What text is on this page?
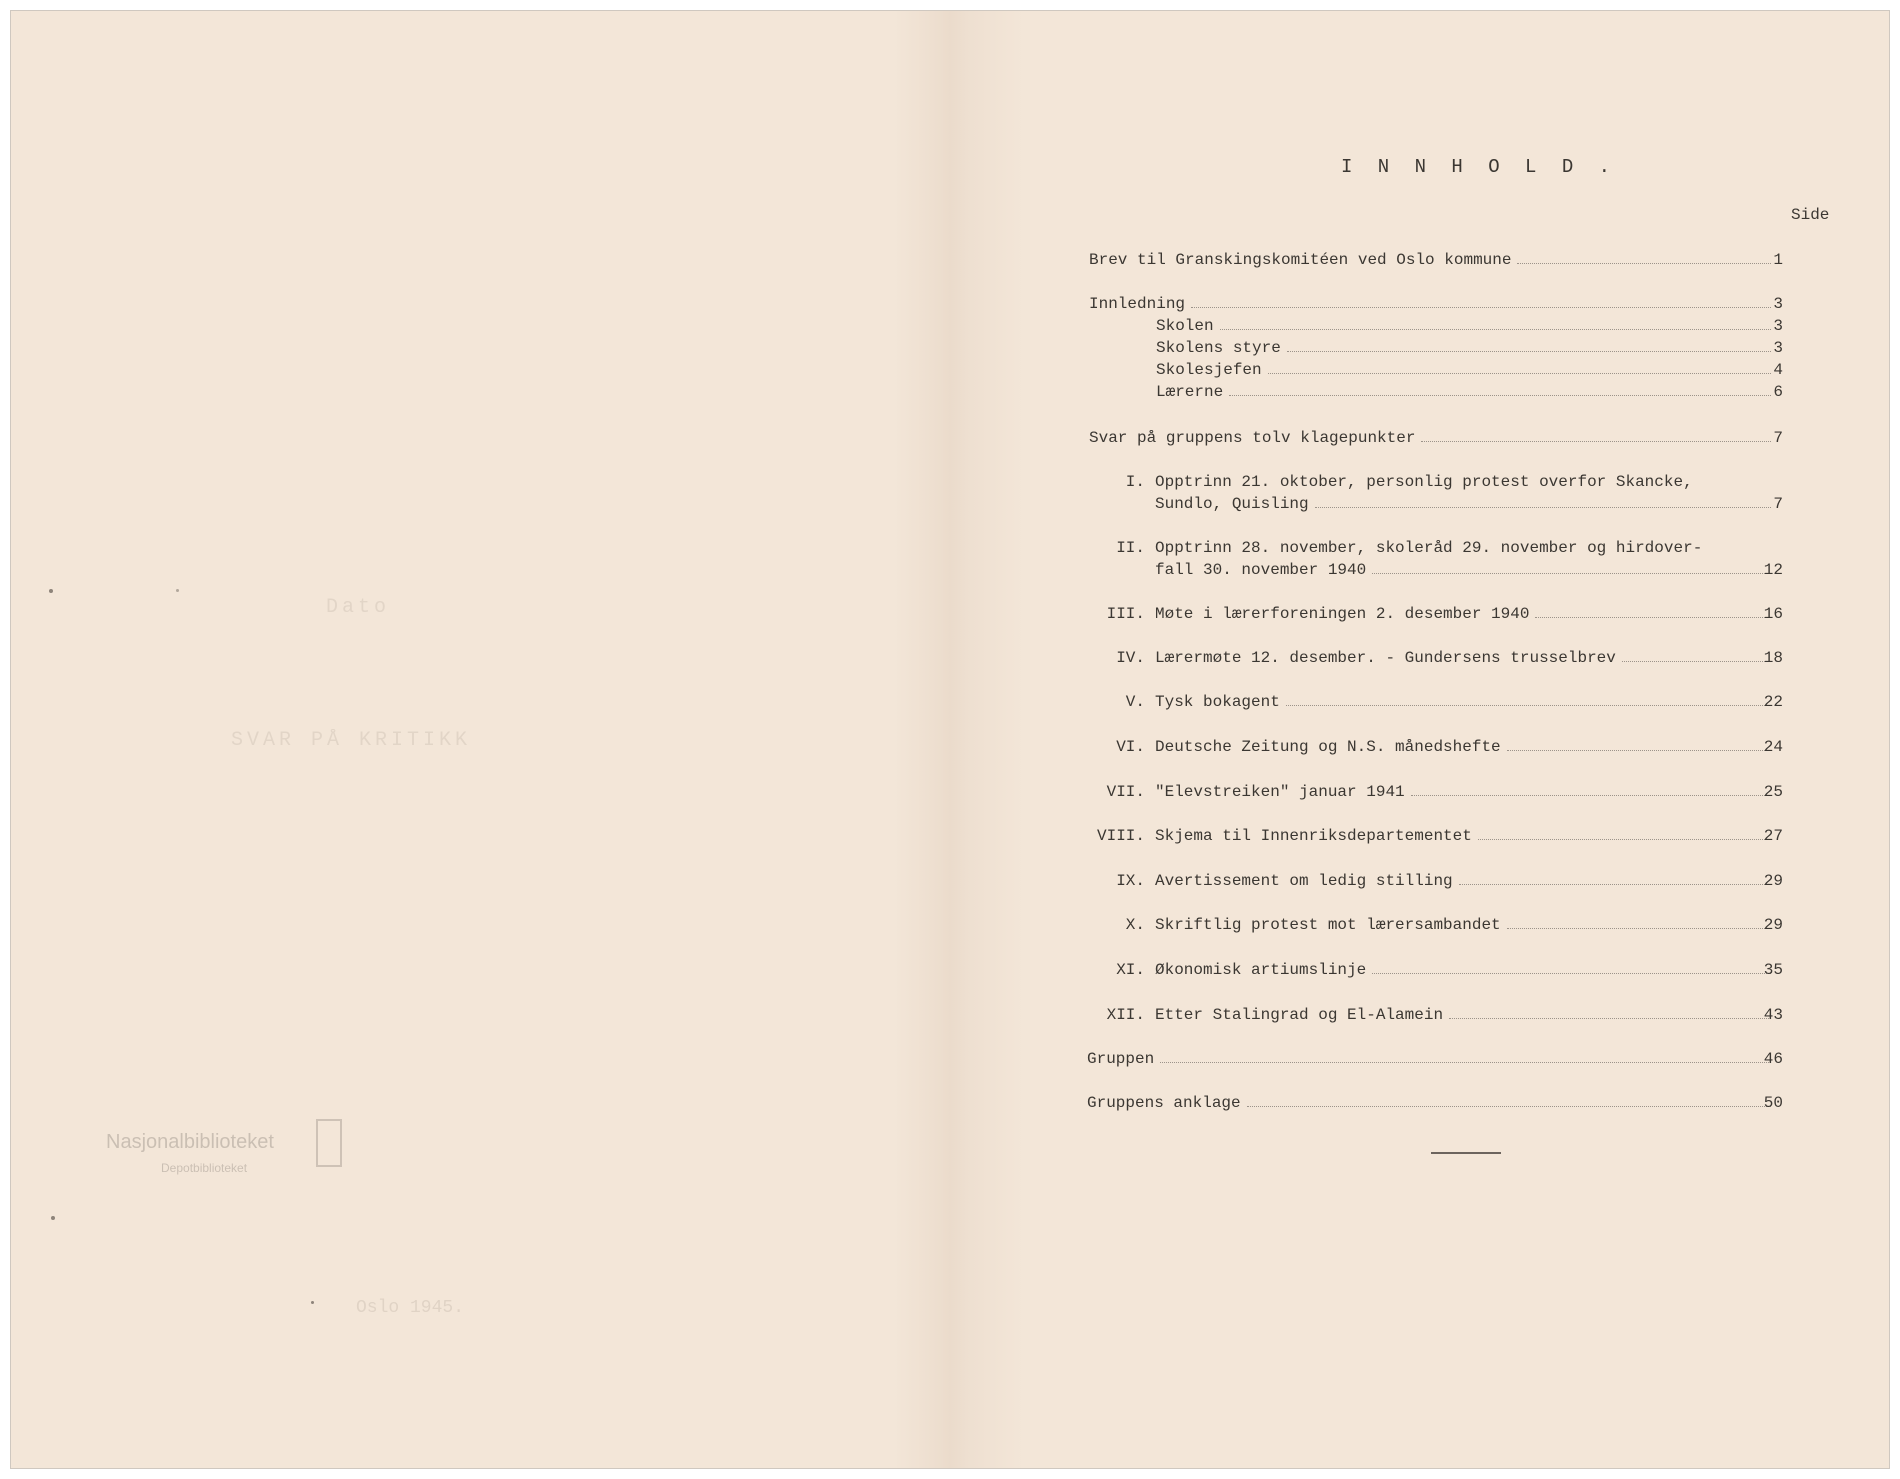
Dato
SVAR PÅ KRITIKK
Oslo 1945.
Nasjonalbiblioteket
Depotbiblioteket
I N N H O L D .
Side
Brev til Granskingskomitéen ved Oslo kommune	1
Innledning	3
Skolen	3
Skolens styre	3
Skolesjefen	4
Lærerne	6
Svar på gruppens tolv klagepunkter	7
I. Opptrinn 21. oktober, personlig protest overfor Skancke,
Sundlo, Quisling	7
II. Opptrinn 28. november, skoleråd 29. november og hirdover-
fall 30. november 1940	12
III. Møte i lærerforeningen 2. desember 1940	16
IV. Lærermøte 12. desember. - Gundersens trusselbrev	18
V. Tysk bokagent	22
VI. Deutsche Zeitung og N.S. månedshefte	24
VII. "Elevstreiken" januar 1941	25
VIII. Skjema til Innenriksdepartementet	27
IX. Avertissement om ledig stilling	29
X. Skriftlig protest mot lærersambandet	29
XI. Økonomisk artiumslinje	35
XII. Etter Stalingrad og El-Alamein	43
Gruppen	46
Gruppens anklage	50
